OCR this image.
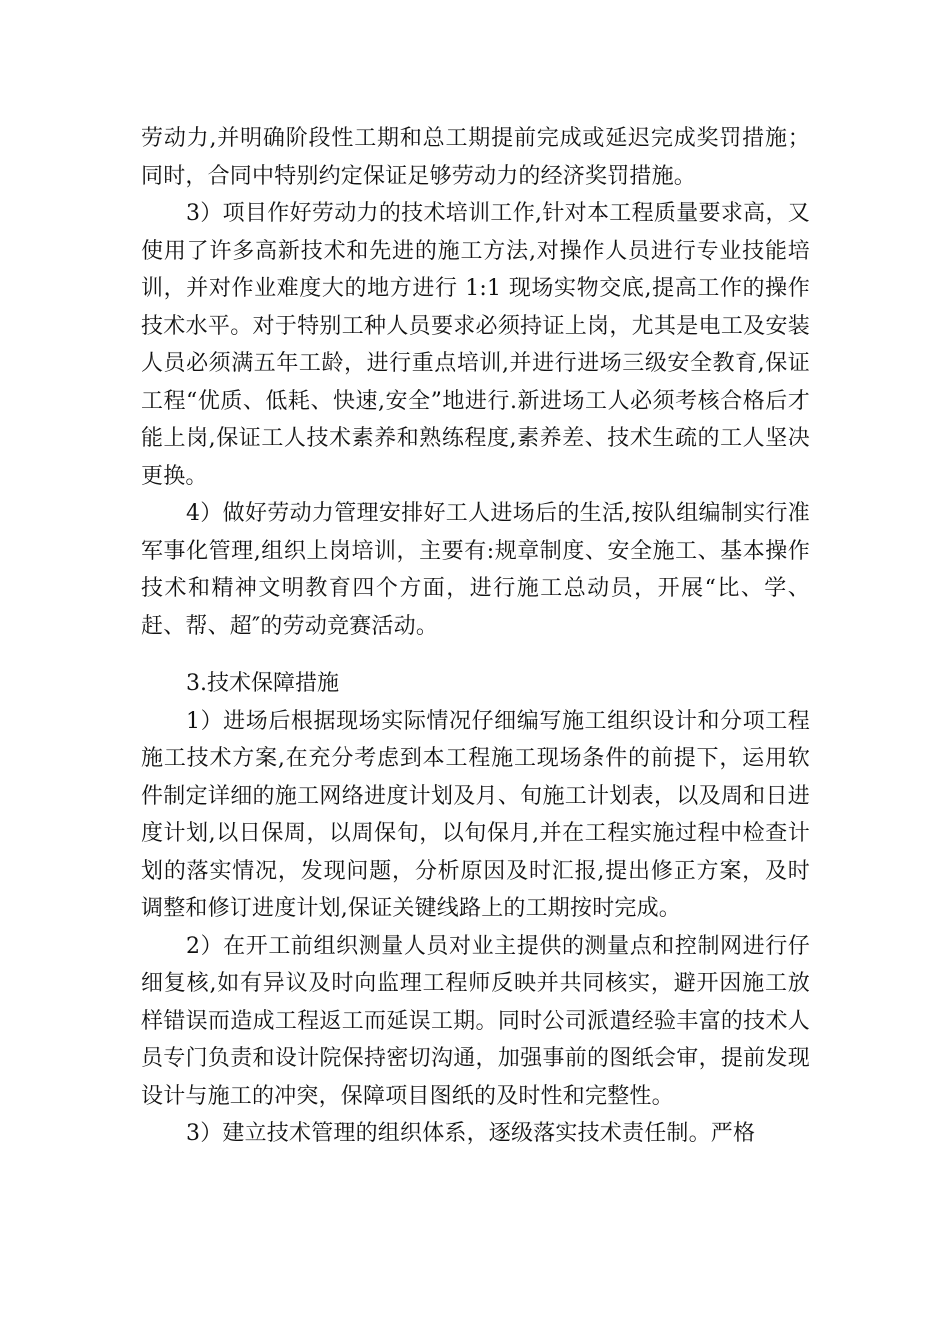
劳动力,并明确阶段性工期和总工期提前完成或延迟完成奖罚措施；同时，合同中特别约定保证足够劳动力的经济奖罚措施。

3）项目作好劳动力的技术培训工作,针对本工程质量要求高，又使用了许多高新技术和先进的施工方法,对操作人员进行专业技能培训，并对作业难度大的地方进行 1:1 现场实物交底,提高工作的操作技术水平。对于特别工种人员要求必须持证上岗，尤其是电工及安装人员必须满五年工龄，进行重点培训,并进行进场三级安全教育,保证工程“优质、低耗、快速,安全”地进行.新进场工人必须考核合格后才能上岗,保证工人技术素养和熟练程度,素养差、技术生疏的工人坚决更换。

4）做好劳动力管理安排好工人进场后的生活,按队组编制实行准军事化管理,组织上岗培训，主要有:规章制度、安全施工、基本操作技术和精神文明教育四个方面，进行施工总动员，开展“比、学、赶、帮、超″的劳动竞赛活动。

3.技术保障措施

1）进场后根据现场实际情况仔细编写施工组织设计和分项工程施工技术方案,在充分考虑到本工程施工现场条件的前提下，运用软件制定详细的施工网络进度计划及月、旬施工计划表，以及周和日进度计划,以日保周，以周保旬，以旬保月,并在工程实施过程中检查计划的落实情况，发现问题，分析原因及时汇报,提出修正方案，及时调整和修订进度计划,保证关键线路上的工期按时完成。

2）在开工前组织测量人员对业主提供的测量点和控制网进行仔细复核,如有异议及时向监理工程师反映并共同核实，避开因施工放样错误而造成工程返工而延误工期。同时公司派遣经验丰富的技术人员专门负责和设计院保持密切沟通，加强事前的图纸会审，提前发现设计与施工的冲突，保障项目图纸的及时性和完整性。

3）建立技术管理的组织体系，逐级落实技术责任制。严格
